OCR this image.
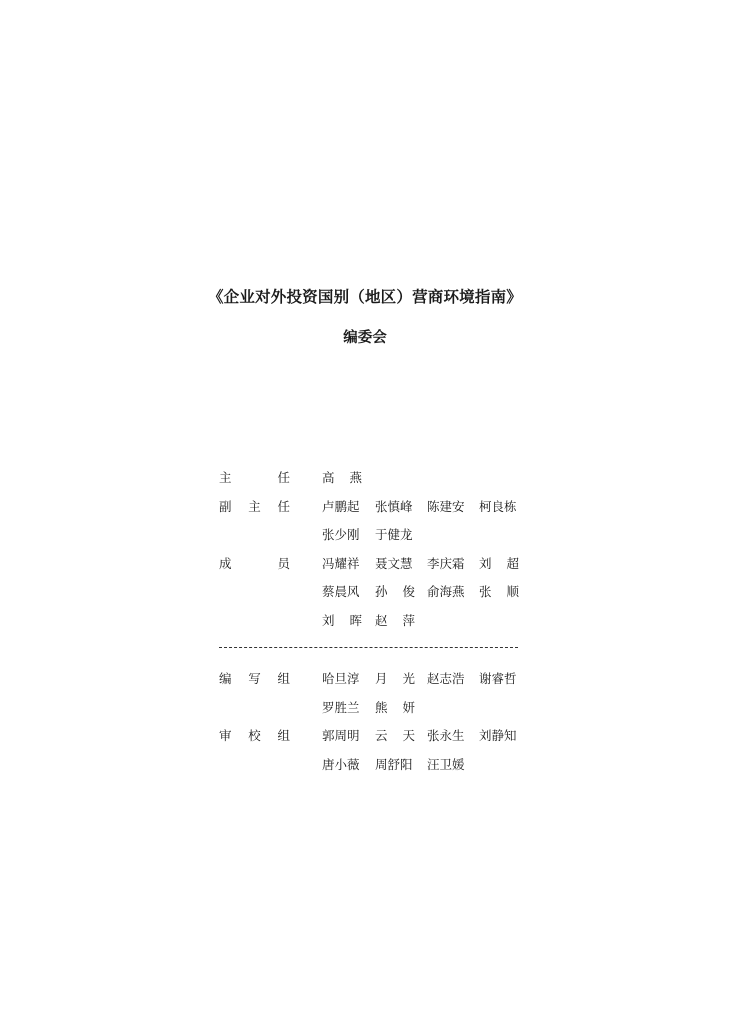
《企业对外投资国别（地区）营商环境指南》
编委会
主	任	高 燕
副 主 任	卢鹏起 张慎峰 陈建安 柯良栋
张少刚 于健龙
成	员	冯耀祥 聂文慧 李庆霜 刘 超
蔡晨风 孙 俊 俞海燕 张 顺
刘 晖 赵 萍
编 写 组	哈旦淳 月 光 赵志浩 谢睿哲
罗胜兰 熊 妍
审 校 组	郭周明 云 天 张永生 刘静知
唐小薇 周舒阳 汪卫媛
